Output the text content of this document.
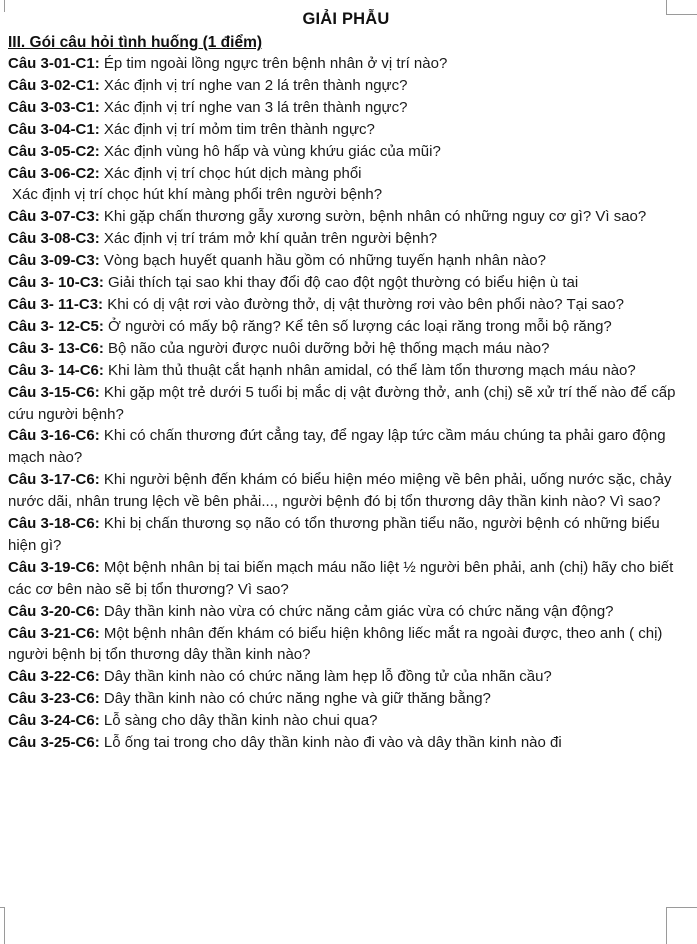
GIẢI PHẪU
III. Gói câu hỏi tình huống (1 điểm)

Câu 3-01-C1: Ép tim ngoài lồng ngực trên bệnh nhân ở vị trí nào?

Câu 3-02-C1: Xác định vị trí nghe van 2 lá trên thành ngực?

Câu 3-03-C1: Xác định vị trí nghe van 3 lá trên thành ngực?

Câu 3-04-C1: Xác định vị trí mỏm tim trên thành ngực?

Câu 3-05-C2: Xác định vùng hô hấp và vùng khứu giác của mũi?

Câu 3-06-C2: Xác định vị trí chọc hút dịch màng phổi

Xác định vị trí chọc hút khí màng phổi trên người bệnh?

Câu 3-07-C3: Khi gặp chấn thương gẫy xương sườn, bệnh nhân có những nguy cơ gì? Vì sao?

Câu 3-08-C3: Xác định vị trí trám mở khí quản trên người bệnh?

Câu 3-09-C3: Vòng bạch huyết quanh hầu gồm có những tuyến hạnh nhân nào?

Câu 3- 10-C3: Giải thích tại sao khi thay đổi độ cao đột ngột thường có biểu hiện ù tai

Câu 3- 11-C3: Khi có dị vật rơi vào đường thở, dị vật thường rơi vào bên phổi nào? Tại sao?

Câu 3- 12-C5: Ở người có mấy bộ răng? Kể tên số lượng các loại răng trong mỗi bộ răng?

Câu 3- 13-C6: Bộ não của người được nuôi dưỡng bởi hệ thống mạch máu nào?

Câu 3- 14-C6: Khi làm thủ thuật cắt hạnh nhân amidal, có thể làm tổn thương mạch máu nào?

Câu 3-15-C6: Khi gặp một trẻ dưới 5 tuổi bị mắc dị vật đường thở, anh (chị) sẽ xử trí thế nào để cấp cứu người bệnh?

Câu 3-16-C6: Khi có chấn thương đứt cẳng tay, để ngay lập tức cầm máu chúng ta phải garo động mạch nào?

Câu 3-17-C6: Khi người bệnh đến khám có biểu hiện méo miệng về bên phải, uống nước sặc, chảy nước dãi, nhân trung lệch về bên phải..., người bệnh đó bị tổn thương dây thần kinh nào? Vì sao?

Câu 3-18-C6: Khi bị chấn thương sọ não có tổn thương phần tiểu não, người bệnh có những biểu hiện gì?

Câu 3-19-C6: Một bệnh nhân bị tai biến mạch máu não liệt ½ người bên phải, anh (chị) hãy cho biết các cơ bên nào sẽ bị tổn thương? Vì sao?

Câu 3-20-C6: Dây thần kinh nào vừa có chức năng cảm giác vừa có chức năng vận động?

Câu 3-21-C6: Một bệnh nhân đến khám có biểu hiện không liếc mắt ra ngoài được, theo anh ( chị) người bệnh bị tổn thương dây thần kinh nào?

Câu 3-22-C6: Dây thần kinh nào có chức năng làm hẹp lỗ đồng tử của nhãn cầu?

Câu 3-23-C6: Dây thần kinh nào có chức năng nghe và giữ thăng bằng?

Câu 3-24-C6: Lỗ sàng cho dây thần kinh nào chui qua?

Câu 3-25-C6: Lỗ ống tai trong cho dây thần kinh nào đi vào và dây thần kinh nào đi
